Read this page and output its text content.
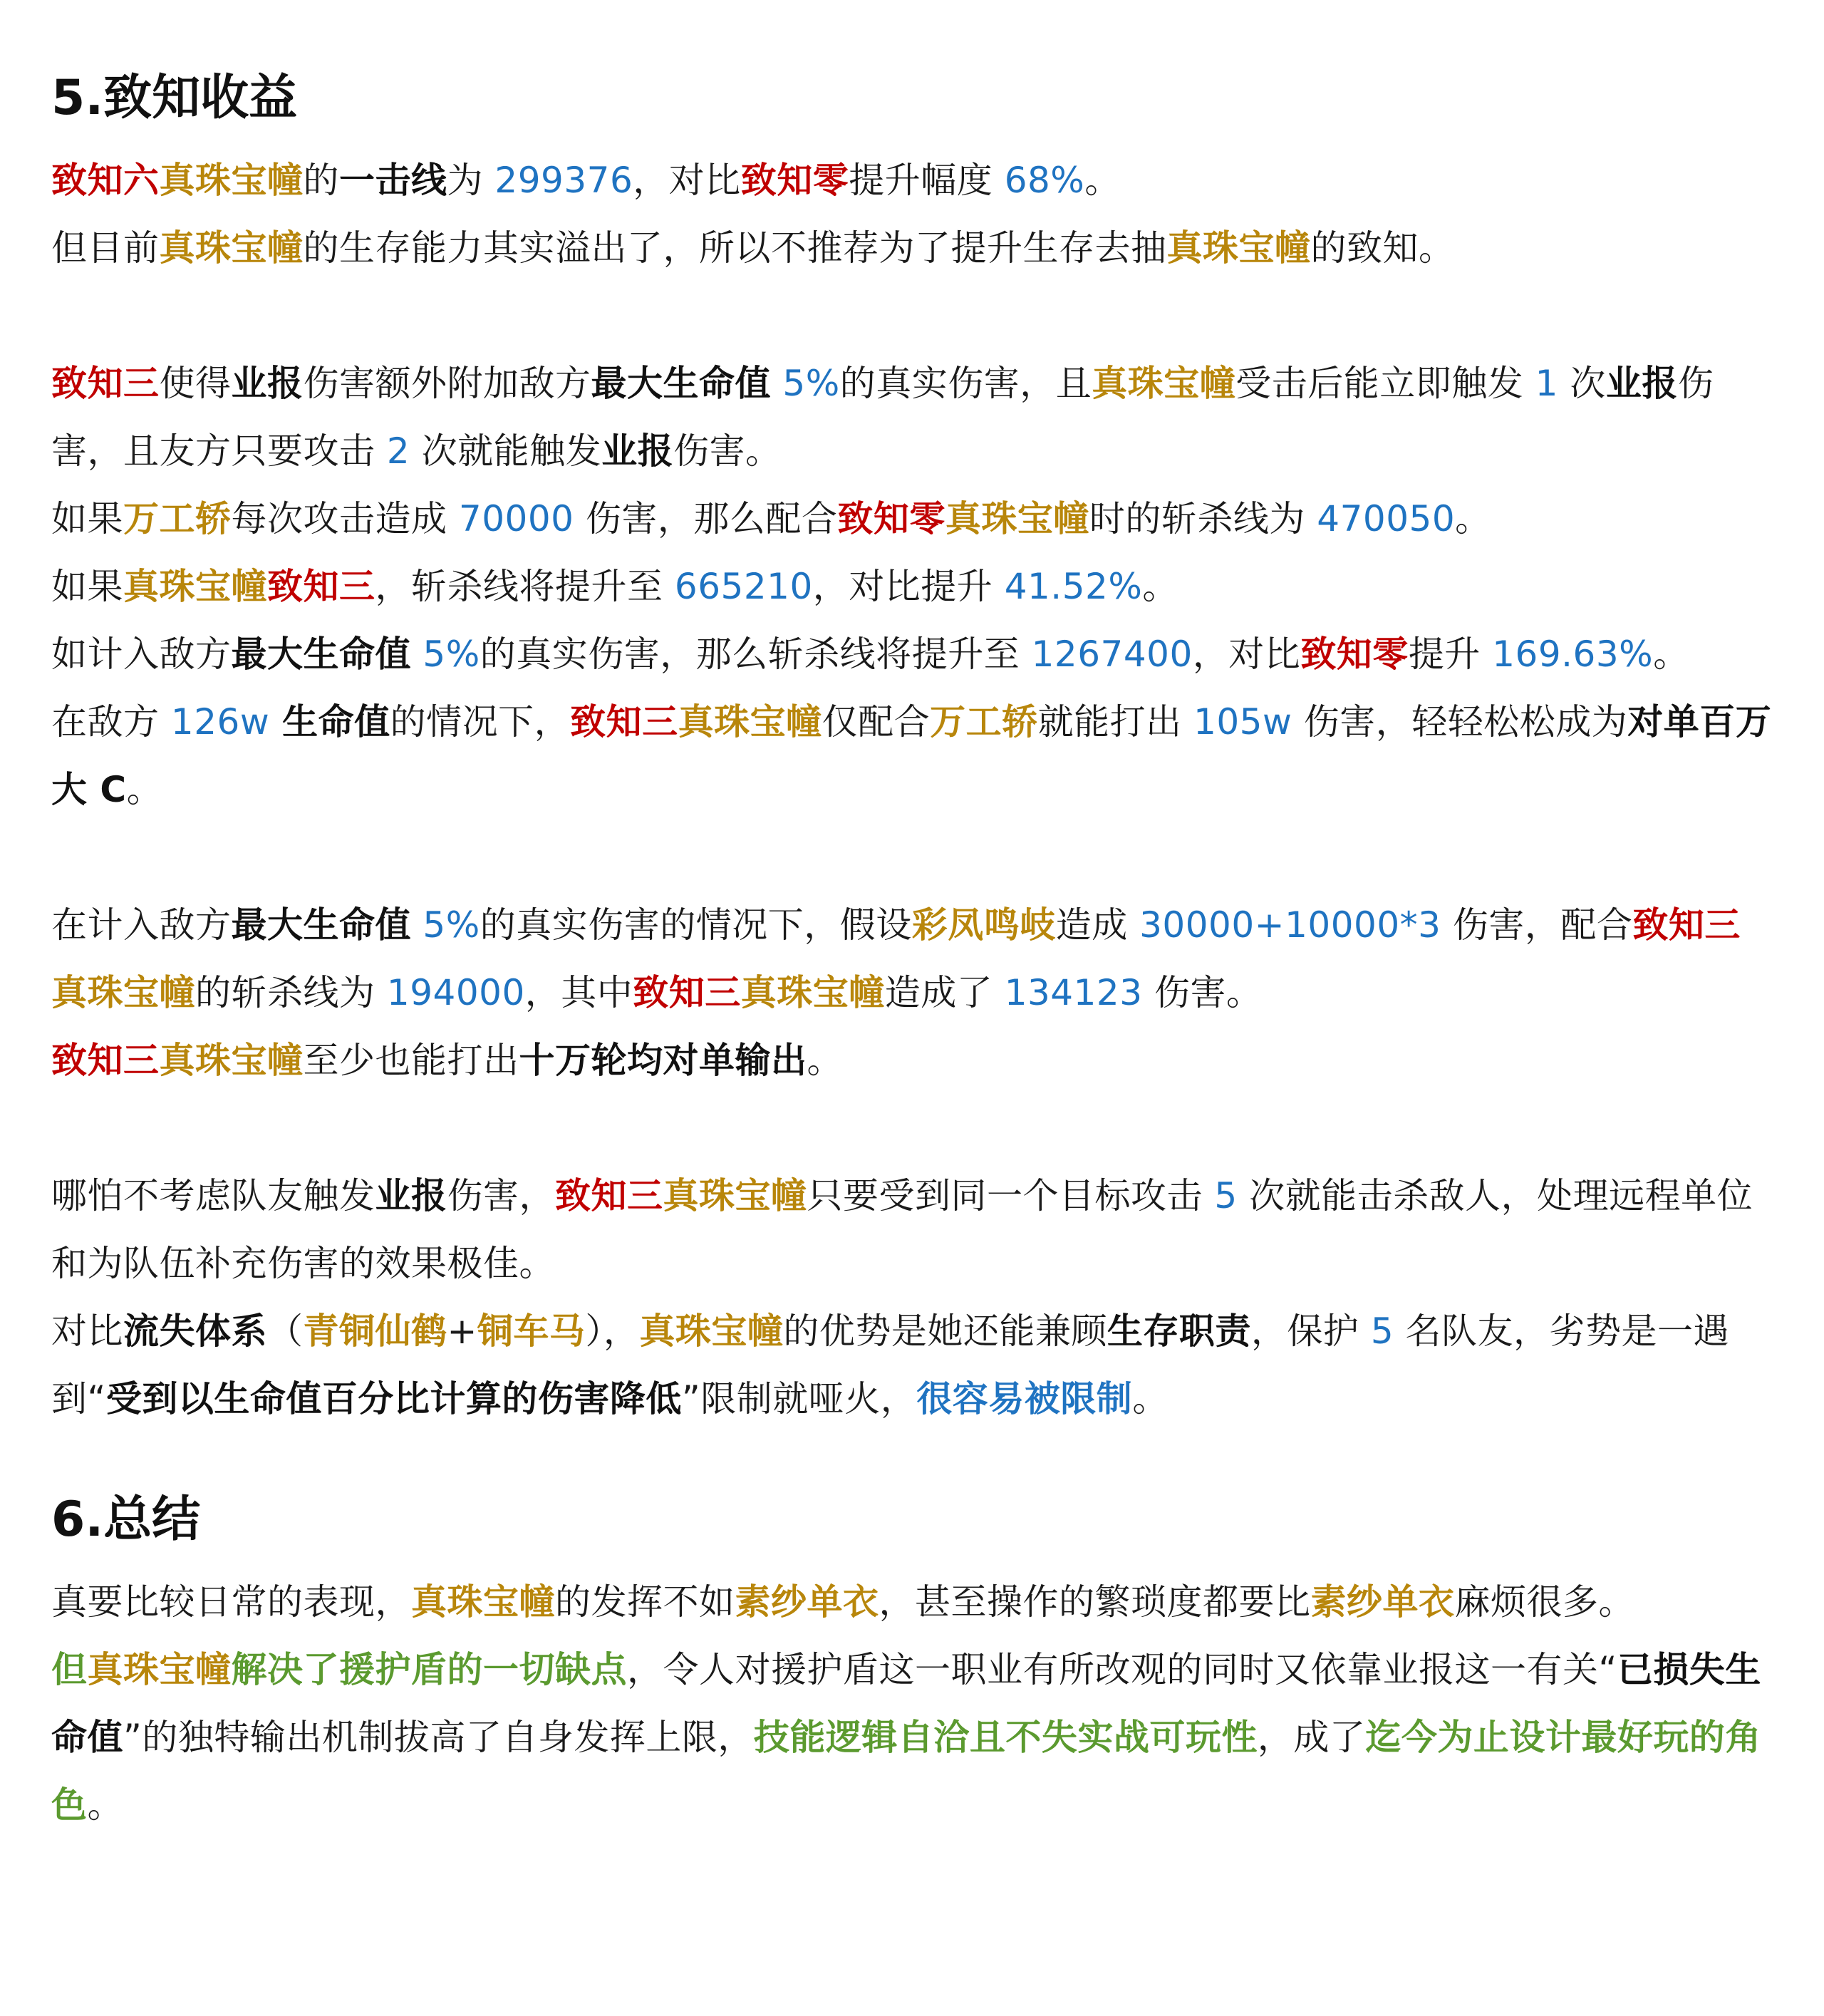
5.致知收益

致知六真珠宝幢的一击线为 299376，对比致知零提升幅度 68%。

但目前真珠宝幢的生存能力其实溢出了，所以不推荐为了提升生存去抽真珠宝幢的致知。

致知三使得业报伤害额外附加敌方最大生命值 5%的真实伤害，且真珠宝幢受击后能立即触发 1 次业报伤害，且友方只要攻击 2 次就能触发业报伤害。

如果万工轿每次攻击造成 70000 伤害，那么配合致知零真珠宝幢时的斩杀线为 470050。

如果真珠宝幢致知三，斩杀线将提升至 665210，对比提升 41.52%。

如计入敌方最大生命值 5%的真实伤害，那么斩杀线将提升至 1267400，对比致知零提升 169.63%。

在敌方 126w 生命值的情况下，致知三真珠宝幢仅配合万工轿就能打出 105w 伤害，轻轻松松成为对单百万大 C。

在计入敌方最大生命值 5%的真实伤害的情况下，假设彩凤鸣岐造成 30000+10000*3 伤害，配合致知三真珠宝幢的斩杀线为 194000，其中致知三真珠宝幢造成了 134123 伤害。

致知三真珠宝幢至少也能打出十万轮均对单输出。

哪怕不考虑队友触发业报伤害，致知三真珠宝幢只要受到同一个目标攻击 5 次就能击杀敌人，处理远程单位和为队伍补充伤害的效果极佳。

对比流失体系（青铜仙鹤+铜车马），真珠宝幢的优势是她还能兼顾生存职责，保护 5 名队友，劣势是一遇到“受到以生命值百分比计算的伤害降低”限制就哑火，很容易被限制。

6.总结

真要比较日常的表现，真珠宝幢的发挥不如素纱单衣，甚至操作的繁琐度都要比素纱单衣麻烦很多。

但真珠宝幢解决了援护盾的一切缺点，令人对援护盾这一职业有所改观的同时又依靠业报这一有关“已损失生命值”的独特输出机制拔高了自身发挥上限，技能逻辑自洽且不失实战可玩性，成了迄今为止设计最好玩的角色。
